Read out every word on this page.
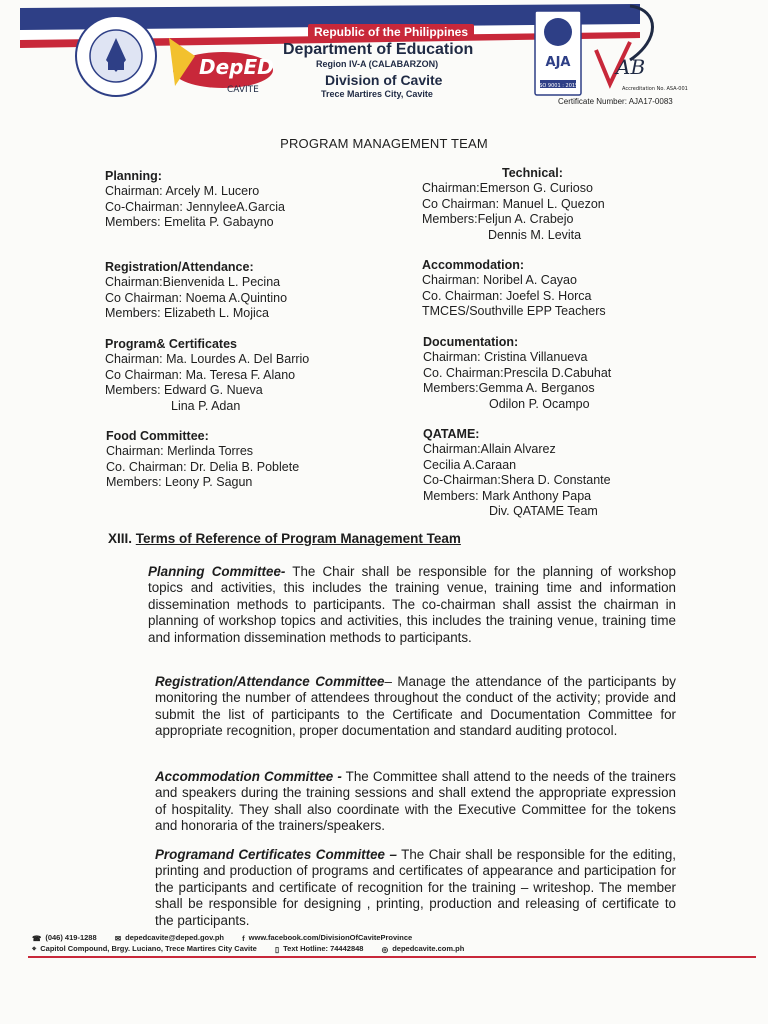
DepED
CAVITE
Republic of the Philippines
Department of Education
Region IV-A (CALABARZON)
Division of Cavite
Trece Martires City, Cavite
AJA
ISO 9001 : 2015
AB
Accreditation No. ASA-001
Certificate Number: AJA17-0083
PROGRAM MANAGEMENT TEAM
Planning:
Chairman: Arcely M. Lucero
Co-Chairman: JennyleeA.Garcia
Members: Emelita P. Gabayno
Registration/Attendance:
Chairman:Bienvenida L. Pecina
Co Chairman: Noema A.Quintino
Members: Elizabeth L. Mojica
Program& Certificates
Chairman: Ma. Lourdes A. Del Barrio
Co Chairman: Ma. Teresa F. Alano
Members: Edward G. Nueva
Lina P. Adan
Food Committee:
Chairman: Merlinda Torres
Co. Chairman: Dr. Delia B. Poblete
Members: Leony P. Sagun
Technical:
Chairman:Emerson G. Curioso
Co Chairman: Manuel L. Quezon
Members:Feljun A. Crabejo
Dennis M. Levita
Accommodation:
Chairman: Noribel A. Cayao
Co. Chairman: Joefel S. Horca
TMCES/Southville EPP Teachers
Documentation:
Chairman: Cristina Villanueva
Co. Chairman:Prescila D.Cabuhat
Members:Gemma A. Berganos
Odilon P. Ocampo
QATAME:
Chairman:Allain Alvarez
Cecilia A.Caraan
Co-Chairman:Shera D. Constante
Members: Mark Anthony Papa
Div. QATAME Team
XIII. Terms of Reference of Program Management Team
Planning Committee- The Chair shall be responsible for the planning of workshop topics and activities, this includes the training venue, training time and information dissemination methods to participants. The co-chairman shall assist the chairman in planning of workshop topics and activities, this includes the training venue, training time and information dissemination methods to participants.
Registration/Attendance Committee– Manage the attendance of the participants by monitoring the number of attendees throughout the conduct of the activity; provide and submit the list of participants to the Certificate and Documentation Committee for appropriate recognition, proper documentation and standard auditing protocol.
Accommodation Committee - The Committee shall attend to the needs of the trainers and speakers during the training sessions and shall extend the appropriate expression of hospitality. They shall also coordinate with the Executive Committee for the tokens and honoraria of the trainers/speakers.
Programand Certificates Committee – The Chair shall be responsible for the editing, printing and production of programs and certificates of appearance and participation for the participants and certificate of recognition for the training – writeshop. The member shall be responsible for designing , printing, production and releasing of certificate to the participants.
☎ (046) 419-1288 ✉ depedcavite@deped.gov.ph f www.facebook.com/DivisionOfCaviteProvince
⌖ Capitol Compound, Brgy. Luciano, Trece Martires City Cavite ▯ Text Hotline: 74442848 ◎ depedcavite.com.ph
